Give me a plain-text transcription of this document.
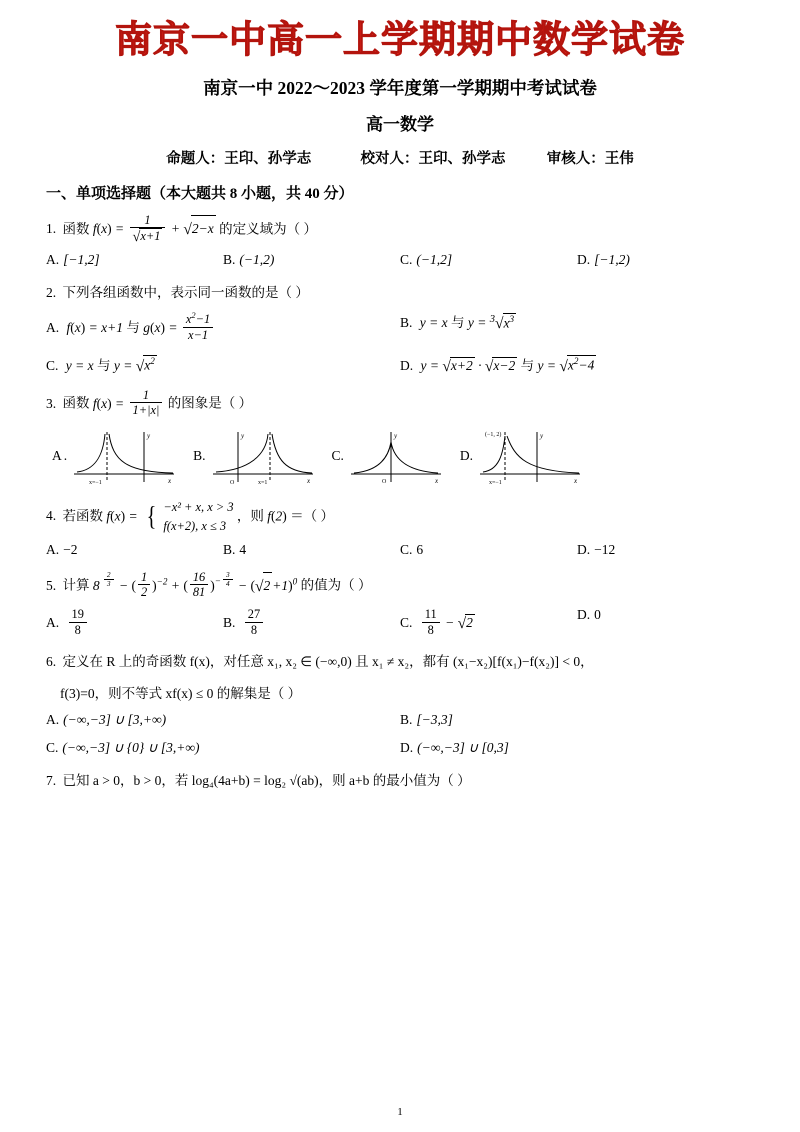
南京一中高一上学期期中数学试卷
南京一中 2022～2023 学年度第一学期期中考试试卷
高一数学
命题人：王印、孙学志	校对人：王印、孙学志	审核人：王伟
一、单项选择题（本大题共 8 小题，共 40 分）
1. 函数 $f(x) = \frac{1}{√x+1} + √2-x$ 的定义域为（ ）
A. [−1,2]	B. (−1,2)	C. (−1,2]	D. [−1,2)
2. 下列各组函数中，表示同一函数的是（ ）
A. f(x) = x+1 与 $g(x) = \frac{x^2-1}{x-1}$	B. y = x 与 $y = ^3√x^3$
C. y = x 与 $y = √x^2$	D. y = √x+2 · √x−2 与 $y = √x^2-4$
3. 函数 $f(x) = \frac{1}{1+|x|}$ 的图象是（ ）
A .
y
x
x=−1
B.
y
x
O	x=1
C.
y
x
O
D.
y
x
(−1, 2)
x=−1
4. 若函数 f(x) = { −x² + x, x > 3
f(x+2), x ≤ 3
，则 f(2) ＝（ ）
A. −2	B. 4	C. 6	D. −12
5. 计算 8 $^{\frac{2}{3}}$ − ( $\frac{1}{2} )^{-2}$ + ( $\frac{16}{81} )^{- \frac{3}{4}} - (√2 +1)^0$ 的值为（ ）
A. $\frac{19}{8}$	B. $\frac{27}{8}$	C. $\frac{11}{8} - √2$	D. 0
6. 定义在 R 上的奇函数 f(x)，对任意 x₁, x₂ ∈ (−∞,0) 且 x₁ ≠ x₂，都有 (x₁−x₂)[f(x₁)−f(x₂)] < 0，
f(3)=0，则不等式 xf(x) ≤ 0 的解集是（ ）
A. (−∞,−3] ∪ [3,+∞)	B. [−3,3]
C. (−∞,−3] ∪ {0} ∪ [3,+∞)	D. (−∞,−3] ∪ [0,3]
7. 已知 a > 0，b > 0，若 log₄(4a+b) = log₂ √(ab)，则 a+b 的最小值为（ ）
1
